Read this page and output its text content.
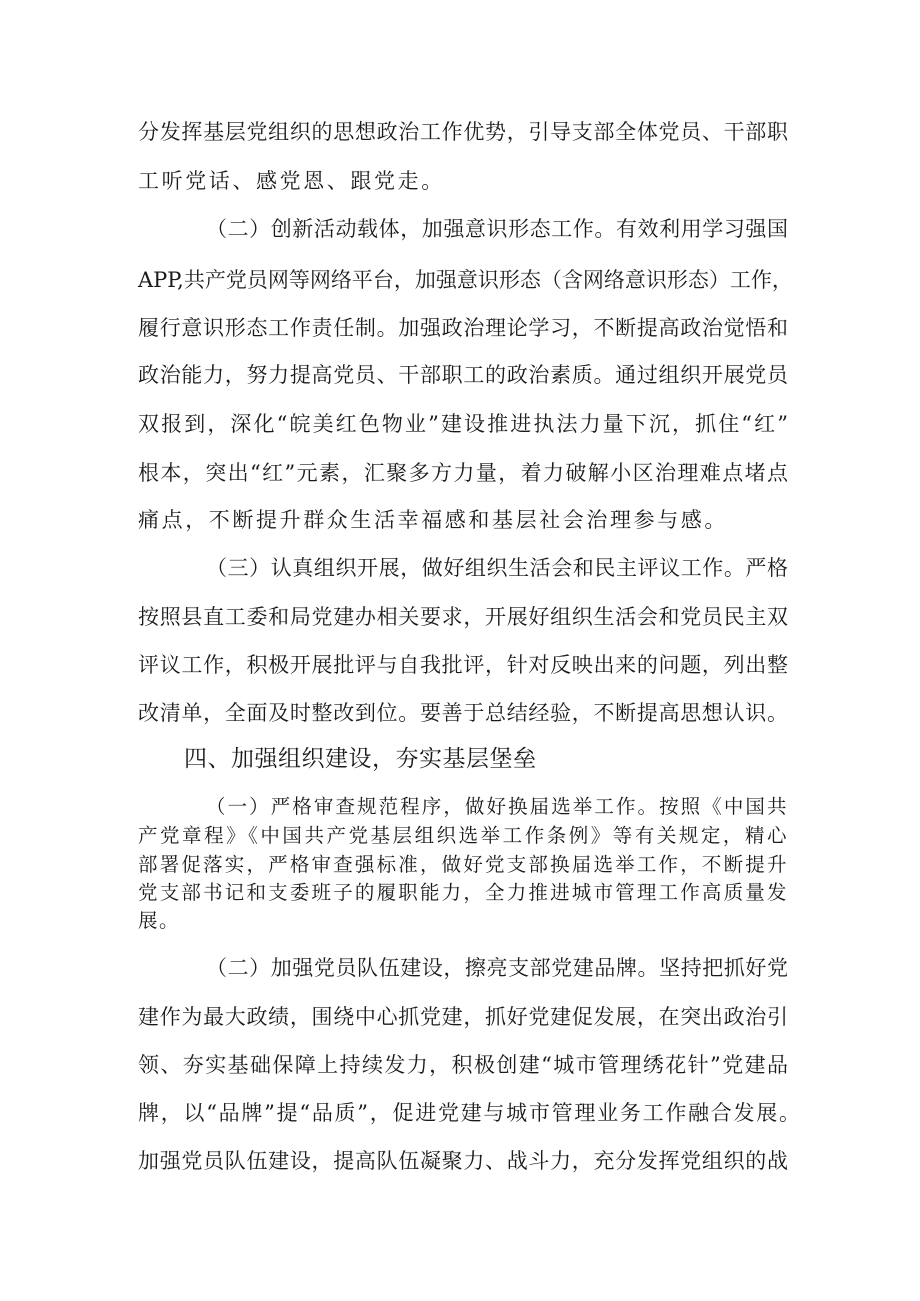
分发挥基层党组织的思想政治工作优势，引导支部全体党员、干部职
工听党话、感党恩、跟党走。
（二）创新活动载体，加强意识形态工作。有效利用学习强国
APP,共产党员网等网络平台，加强意识形态（含网络意识形态）工作，
履行意识形态工作责任制。加强政治理论学习，不断提高政治觉悟和
政治能力，努力提高党员、干部职工的政治素质。通过组织开展党员
双报到，深化“皖美红色物业”建设推进执法力量下沉，抓住“红”
根本，突出“红”元素，汇聚多方力量，着力破解小区治理难点堵点
痛点，不断提升群众生活幸福感和基层社会治理参与感。
（三）认真组织开展，做好组织生活会和民主评议工作。严格
按照县直工委和局党建办相关要求，开展好组织生活会和党员民主双
评议工作，积极开展批评与自我批评，针对反映出来的问题，列出整
改清单，全面及时整改到位。要善于总结经验，不断提高思想认识。
四、加强组织建设，夯实基层堡垒
（一）严格审查规范程序，做好换届选举工作。按照《中国共
产党章程》《中国共产党基层组织选举工作条例》等有关规定，精心
部署促落实，严格审查强标准，做好党支部换届选举工作，不断提升
党支部书记和支委班子的履职能力，全力推进城市管理工作高质量发
展。
（二）加强党员队伍建设，擦亮支部党建品牌。坚持把抓好党
建作为最大政绩，围绕中心抓党建，抓好党建促发展，在突出政治引
领、夯实基础保障上持续发力，积极创建“城市管理绣花针”党建品
牌，以“品牌”提“品质”，促进党建与城市管理业务工作融合发展。
加强党员队伍建设，提高队伍凝聚力、战斗力，充分发挥党组织的战
